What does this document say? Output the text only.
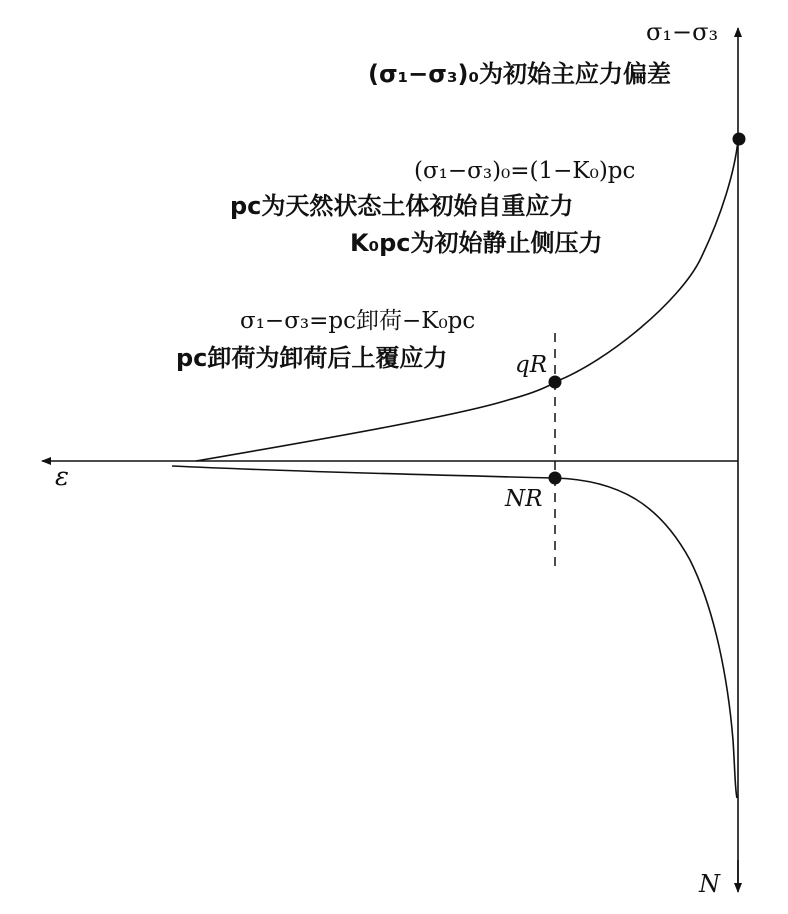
σ₁−σ₃
ε
N
(σ₁−σ₃)₀为初始主应力偏差
(σ₁−σ₃)₀=(1−K₀)pc
pc为天然状态土体初始自重应力
K₀pc为初始静止侧压力
σ₁−σ₃=pc卸荷−K₀pc
pc卸荷为卸荷后上覆应力	qR
NR
